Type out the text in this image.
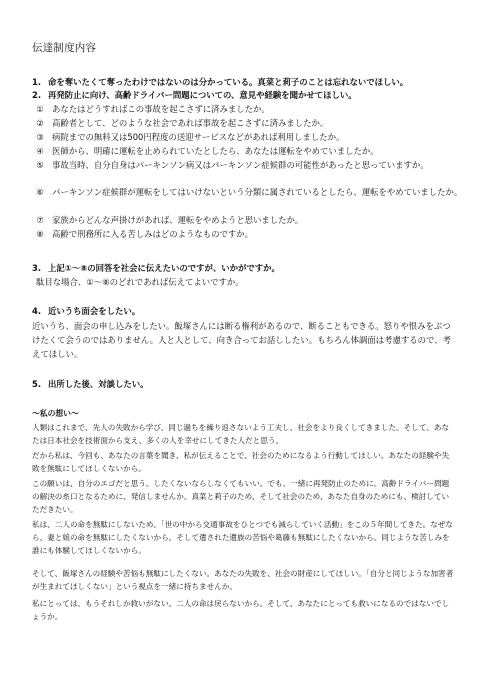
伝達制度内容
1. 命を奪いたくて奪ったわけではないのは分かっている。真菜と莉子のことは忘れないでほしい。
2. 再発防止に向け、高齢ドライバー問題についての、意見や経験を聞かせてほしい。
① あなたはどうすればこの事故を起こさずに済みましたか。
② 高齢者として、どのような社会であれば事故を起こさずに済みましたか。
③ 病院までの無料又は500円程度の送迎サービスなどがあれば利用しましたか。
④ 医師から、明確に運転を止められていたとしたら、あなたは運転をやめていましたか。
⑤ 事故当時、自分自身はパーキンソン病又はパーキンソン症候群の可能性があったと思っていますか。
⑥ パーキンソン症候群が運転をしてはいけないという分類に属されているとしたら、運転をやめていましたか。
⑦ 家族からどんな声掛けがあれば、運転をやめようと思いましたか。
⑧ 高齢で刑務所に入る苦しみはどのようなものですか。
3. 上記①～⑧の回答を社会に伝えたいのですが、いかがですか。
駄目な場合、①～⑧のどれであれば伝えてよいですか。
4. 近いうち面会をしたい。
近いうち、面会の申し込みをしたい。飯塚さんには断る権利があるので、断ることもできる。怒りや恨みをぶつけたくて会うのではありません。人と人として、向き合ってお話ししたい。もちろん体調面は考慮するので、考えてほしい。
5. 出所した後、対談したい。
～私の想い～
人類はこれまで、先人の失敗から学び、同じ過ちを繰り返さないよう工夫し、社会をより良くしてきました。そして、あなたは日本社会を技術面から支え、多くの人を幸せにしてきた人だと思う。
だから私は、今回も、あなたの言葉を聞き、私が伝えることで、社会のためになるよう行動してほしい。あなたの経験や失敗を無駄にしてほしくないから。
この願いは、自分のエゴだと思う。したくないならしなくてもいい。でも、一緒に再発防止のために。高齢ドライバー問題の解決の糸口となるために、発信しませんか。真菜と莉子のため、そして社会のため、あなた自身のためにも、検討していただきたい。
私は、二人の命を無駄にしないため、「世の中から交通事故をひとつでも減らしていく活動」をこの５年間してきた。なぜなら、妻と娘の命を無駄にしたくないから。そして遺された遺族の苦悩や葛藤も無駄にしたくないから。同じような苦しみを誰にも体験してほしくないから。
そして、飯塚さんの経験や苦悩も無駄にしたくない。あなたの失敗を、社会の財産にしてほしい。「自分と同じような加害者が生まれてほしくない」という視点を一緒に持ちませんか。
私にとっては、もうそれしか救いがない。二人の命は戻らないから。そして、あなたにとっても救いになるのではないでしょうか。
